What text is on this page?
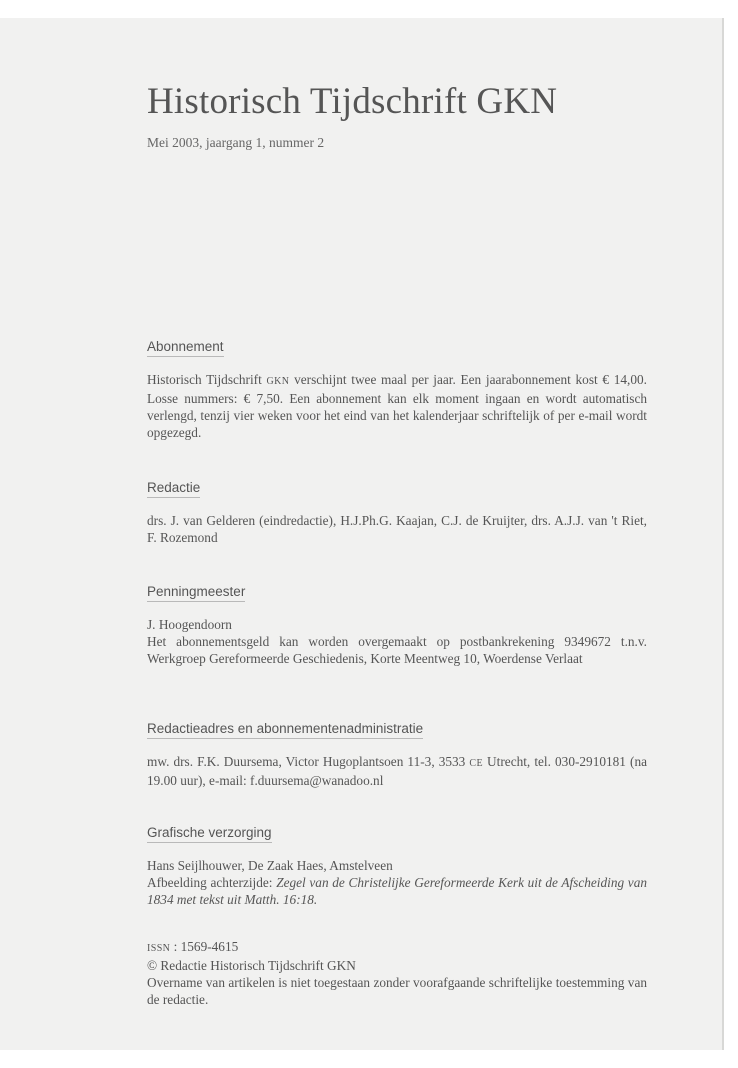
Historisch Tijdschrift GKN
Mei 2003, jaargang 1, nummer 2
Abonnement
Historisch Tijdschrift GKN verschijnt twee maal per jaar. Een jaarabonnement kost € 14,00. Losse nummers: € 7,50. Een abonnement kan elk moment ingaan en wordt automatisch verlengd, tenzij vier weken voor het eind van het kalenderjaar schriftelijk of per e-mail wordt opgezegd.
Redactie
drs. J. van Gelderen (eindredactie), H.J.Ph.G. Kaajan, C.J. de Kruijter, drs. A.J.J. van 't Riet, F. Rozemond
Penningmeester

J. Hoogendoorn

Het abonnementsgeld kan worden overgemaakt op postbankrekening 9349672 t.n.v. Werkgroep Gereformeerde Geschiedenis, Korte Meentweg 10, Woerdense Verlaat

Redactieadres en abonnementenadministratie
mw. drs. F.K. Duursema, Victor Hugoplantsoen 11-3, 3533 CE Utrecht, tel. 030-2910181 (na 19.00 uur), e-mail: f.duursema@wanadoo.nl
Grafische verzorging

Hans Seijlhouwer, De Zaak Haes, Amstelveen

Afbeelding achterzijde: Zegel van de Christelijke Gereformeerde Kerk uit de Afscheiding van 1834 met tekst uit Matth. 16:18.

ISSN : 1569-4615

© Redactie Historisch Tijdschrift GKN

Overname van artikelen is niet toegestaan zonder voorafgaande schriftelijke toestemming van de redactie.
